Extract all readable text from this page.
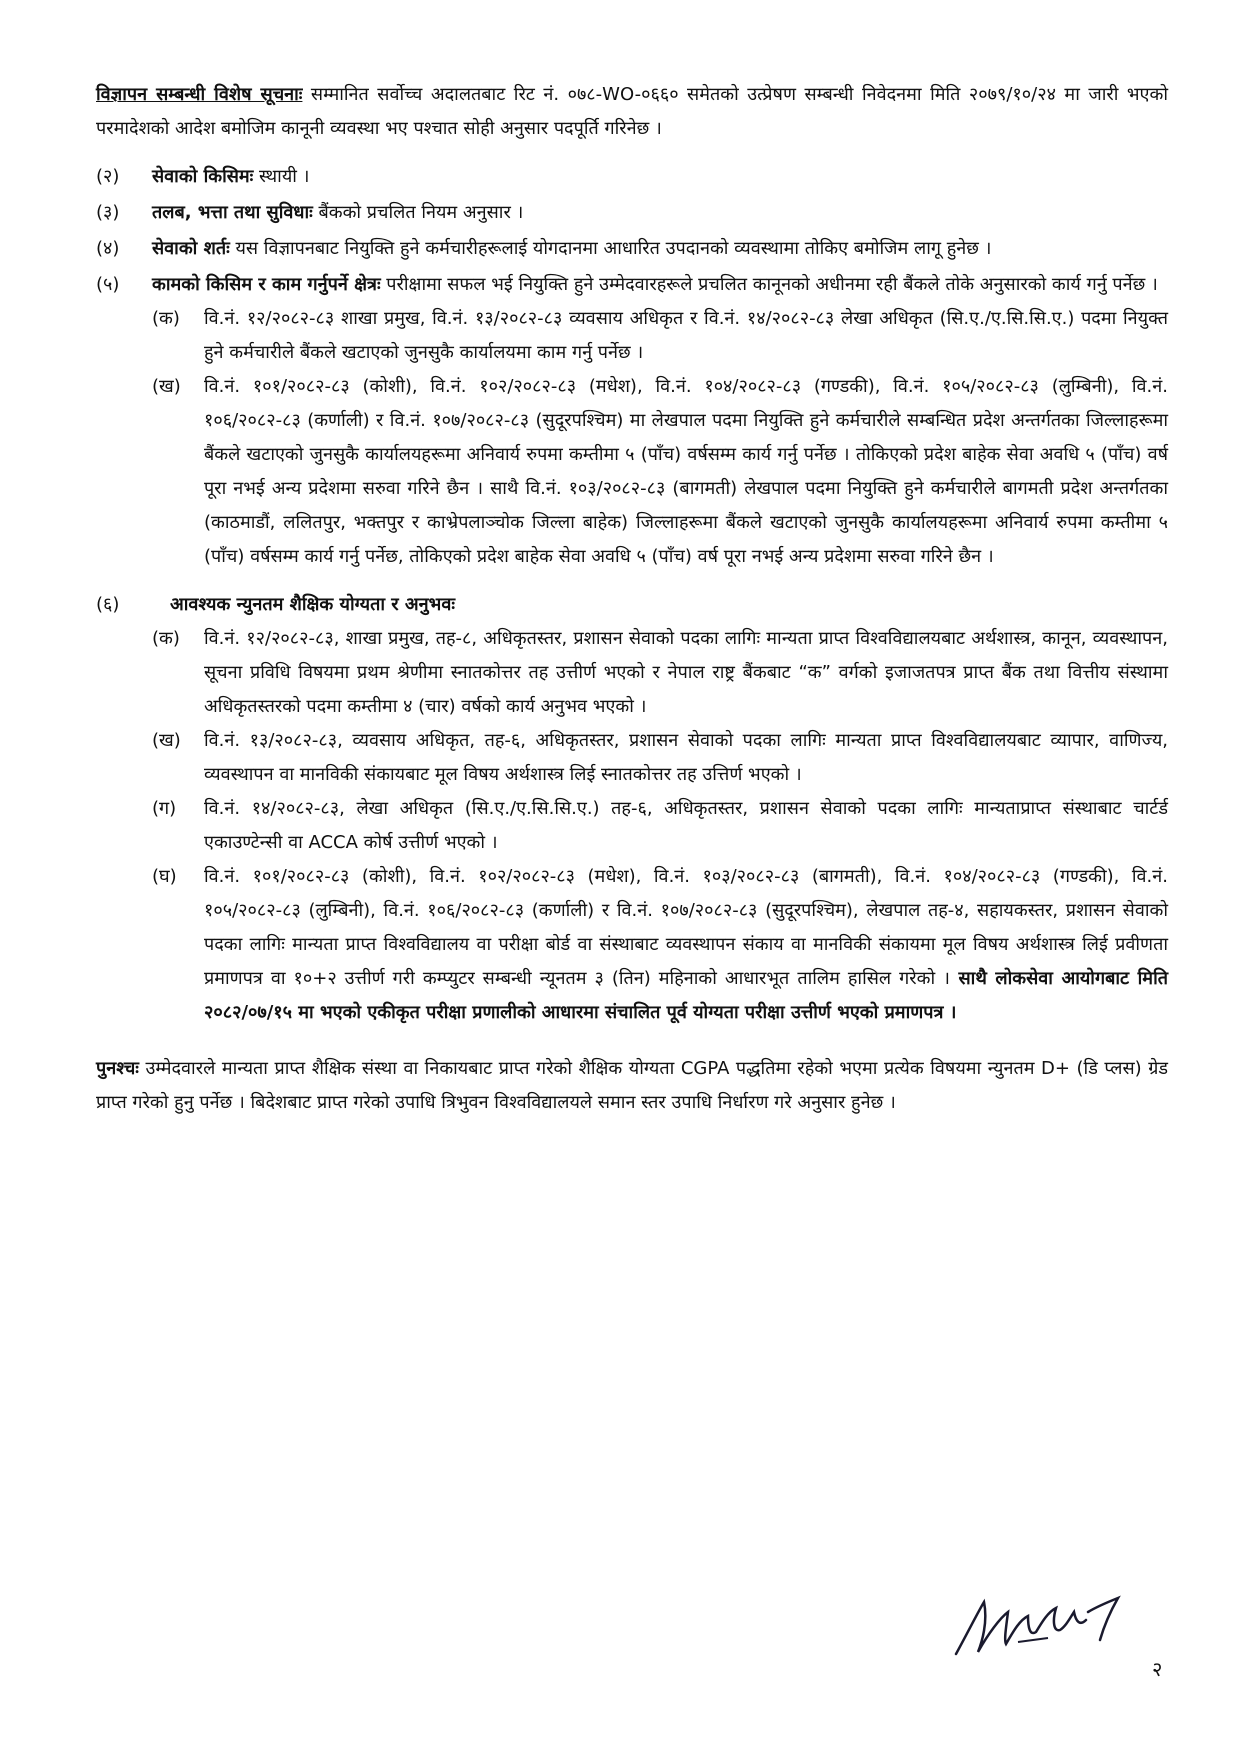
विज्ञापन सम्बन्धी विशेष सूचनाः सम्मानित सर्वोच्च अदालतबाट रिट नं. ०७८-WO-०६६० समेतको उत्प्रेषण सम्बन्धी निवेदनमा मिति २०७९/१०/२४ मा जारी भएको परमादेशको आदेश बमोजिम कानूनी व्यवस्था भए पश्चात सोही अनुसार पदपूर्ति गरिनेछ ।

(२)	सेवाको किसिमः स्थायी ।

(३)	तलब, भत्ता तथा सुविधाः बैंकको प्रचलित नियम अनुसार ।

(४)	सेवाको शर्तः यस विज्ञापनबाट नियुक्ति हुने कर्मचारीहरूलाई योगदानमा आधारित उपदानको व्यवस्थामा तोकिए बमोजिम लागू हुनेछ ।

(५)	कामको किसिम र काम गर्नुपर्ने क्षेत्रः परीक्षामा सफल भई नियुक्ति हुने उम्मेदवारहरूले प्रचलित कानूनको अधीनमा रही बैंकले तोके अनुसारको कार्य गर्नु पर्नेछ ।

(क)	वि.नं. १२/२०८२-८३ शाखा प्रमुख, वि.नं. १३/२०८२-८३ व्यवसाय अधिकृत र वि.नं. १४/२०८२-८३ लेखा अधिकृत (सि.ए./ए.सि.सि.ए.) पदमा नियुक्त हुने कर्मचारीले बैंकले खटाएको जुनसुकै कार्यालयमा काम गर्नु पर्नेछ ।

(ख)	वि.नं. १०१/२०८२-८३ (कोशी), वि.नं. १०२/२०८२-८३ (मधेश), वि.नं. १०४/२०८२-८३ (गण्डकी), वि.नं. १०५/२०८२-८३ (लुम्बिनी), वि.नं. १०६/२०८२-८३ (कर्णाली) र वि.नं. १०७/२०८२-८३ (सुदूरपश्चिम) मा लेखपाल पदमा नियुक्ति हुने कर्मचारीले सम्बन्धित प्रदेश अन्तर्गतका जिल्लाहरूमा बैंकले खटाएको जुनसुकै कार्यालयहरूमा अनिवार्य रुपमा कम्तीमा ५ (पाँच) वर्षसम्म कार्य गर्नु पर्नेछ । तोकिएको प्रदेश बाहेक सेवा अवधि ५ (पाँच) वर्ष पूरा नभई अन्य प्रदेशमा सरुवा गरिने छैन । साथै वि.नं. १०३/२०८२-८३ (बागमती) लेखपाल पदमा नियुक्ति हुने कर्मचारीले बागमती प्रदेश अन्तर्गतका (काठमाडौं, ललितपुर, भक्तपुर र काभ्रेपलाञ्चोक जिल्ला बाहेक) जिल्लाहरूमा बैंकले खटाएको जुनसुकै कार्यालयहरूमा अनिवार्य रुपमा कम्तीमा ५ (पाँच) वर्षसम्म कार्य गर्नु पर्नेछ, तोकिएको प्रदेश बाहेक सेवा अवधि ५ (पाँच) वर्ष पूरा नभई अन्य प्रदेशमा सरुवा गरिने छैन ।

(६)	आवश्यक न्युनतम शैक्षिक योग्यता र अनुभवः

(क)	वि.नं. १२/२०८२-८३, शाखा प्रमुख, तह-८, अधिकृतस्तर, प्रशासन सेवाको पदका लागिः मान्यता प्राप्त विश्वविद्यालयबाट अर्थशास्त्र, कानून, व्यवस्थापन, सूचना प्रविधि विषयमा प्रथम श्रेणीमा स्नातकोत्तर तह उत्तीर्ण भएको र नेपाल राष्ट्र बैंकबाट “क” वर्गको इजाजतपत्र प्राप्त बैंक तथा वित्तीय संस्थामा अधिकृतस्तरको पदमा कम्तीमा ४ (चार) वर्षको कार्य अनुभव भएको ।

(ख)	वि.नं. १३/२०८२-८३, व्यवसाय अधिकृत, तह-६, अधिकृतस्तर, प्रशासन सेवाको पदका लागिः मान्यता प्राप्त विश्वविद्यालयबाट व्यापार, वाणिज्य, व्यवस्थापन वा मानविकी संकायबाट मूल विषय अर्थशास्त्र लिई स्नातकोत्तर तह उत्तिर्ण भएको ।

(ग)	वि.नं. १४/२०८२-८३, लेखा अधिकृत (सि.ए./ए.सि.सि.ए.) तह-६, अधिकृतस्तर, प्रशासन सेवाको पदका लागिः मान्यताप्राप्त संस्थाबाट चार्टर्ड एकाउण्टेन्सी वा ACCA कोर्ष उत्तीर्ण भएको ।

(घ)	वि.नं. १०१/२०८२-८३ (कोशी), वि.नं. १०२/२०८२-८३ (मधेश), वि.नं. १०३/२०८२-८३ (बागमती), वि.नं. १०४/२०८२-८३ (गण्डकी), वि.नं. १०५/२०८२-८३ (लुम्बिनी), वि.नं. १०६/२०८२-८३ (कर्णाली) र वि.नं. १०७/२०८२-८३ (सुदूरपश्चिम), लेखपाल तह-४, सहायकस्तर, प्रशासन सेवाको पदका लागिः मान्यता प्राप्त विश्वविद्यालय वा परीक्षा बोर्ड वा संस्थाबाट व्यवस्थापन संकाय वा मानविकी संकायमा मूल विषय अर्थशास्त्र लिई प्रवीणता प्रमाणपत्र वा १०+२ उत्तीर्ण गरी कम्प्युटर सम्बन्धी न्यूनतम ३ (तिन) महिनाको आधारभूत तालिम हासिल गरेको । साथै लोकसेवा आयोगबाट मिति २०८२/०७/१५ मा भएको एकीकृत परीक्षा प्रणालीको आधारमा संचालित पूर्व योग्यता परीक्षा उत्तीर्ण भएको प्रमाणपत्र ।

पुनश्चः उम्मेदवारले मान्यता प्राप्त शैक्षिक संस्था वा निकायबाट प्राप्त गरेको शैक्षिक योग्यता CGPA पद्धतिमा रहेको भएमा प्रत्येक विषयमा न्युनतम D+ (डि प्लस) ग्रेड प्राप्त गरेको हुनु पर्नेछ । बिदेशबाट प्राप्त गरेको उपाधि त्रिभुवन विश्वविद्यालयले समान स्तर उपाधि निर्धारण गरे अनुसार हुनेछ ।

२
